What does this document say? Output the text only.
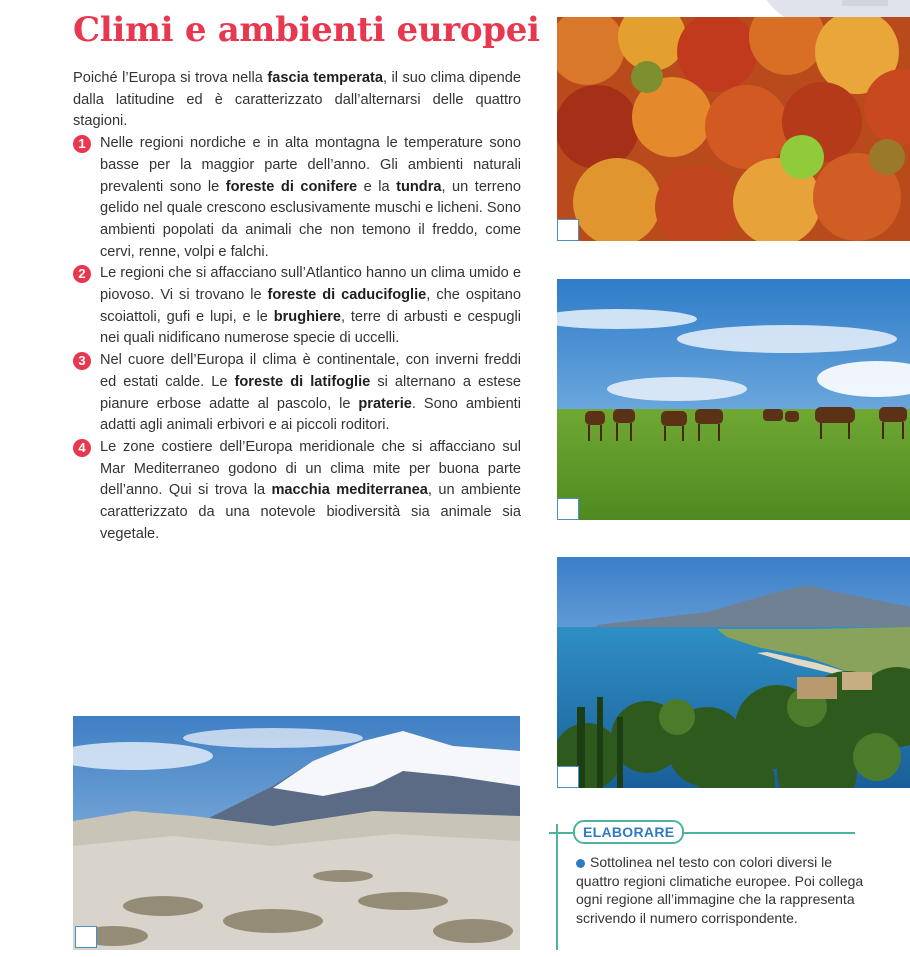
Climi e ambienti europei

Poiché l’Europa si trova nella fascia temperata, il suo clima dipende dalla latitudine ed è caratterizzato dall’alternarsi delle quattro stagioni.

1 Nelle regioni nordiche e in alta montagna le temperature sono basse per la maggior parte dell’anno. Gli ambienti naturali prevalenti sono le foreste di conifere e la tundra, un terreno gelido nel quale crescono esclusivamente muschi e licheni. Sono ambienti popolati da animali che non temono il freddo, come cervi, renne, volpi e falchi.
2 Le regioni che si affacciano sull’Atlantico hanno un clima umido e piovoso. Vi si trovano le foreste di caducifoglie, che ospitano scoiattoli, gufi e lupi, e le brughiere, terre di arbusti e cespugli nei quali nidificano numerose specie di uccelli.
3 Nel cuore dell’Europa il clima è continentale, con inverni freddi ed estati calde. Le foreste di latifoglie si alternano a estese pianure erbose adatte al pascolo, le praterie. Sono ambienti adatti agli animali erbivori e ai piccoli roditori.
4 Le zone costiere dell’Europa meridionale che si affacciano sul Mar Mediterraneo godono di un clima mite per buona parte dell’anno. Qui si trova la macchia mediterranea, un ambiente caratterizzato da una notevole biodiversità sia animale sia vegetale.
ELABORARE
Sottolinea nel testo con colori diversi le quattro regioni climatiche europee. Poi collega ogni regione all’immagine che la rappresenta scrivendo il numero corrispondente.
